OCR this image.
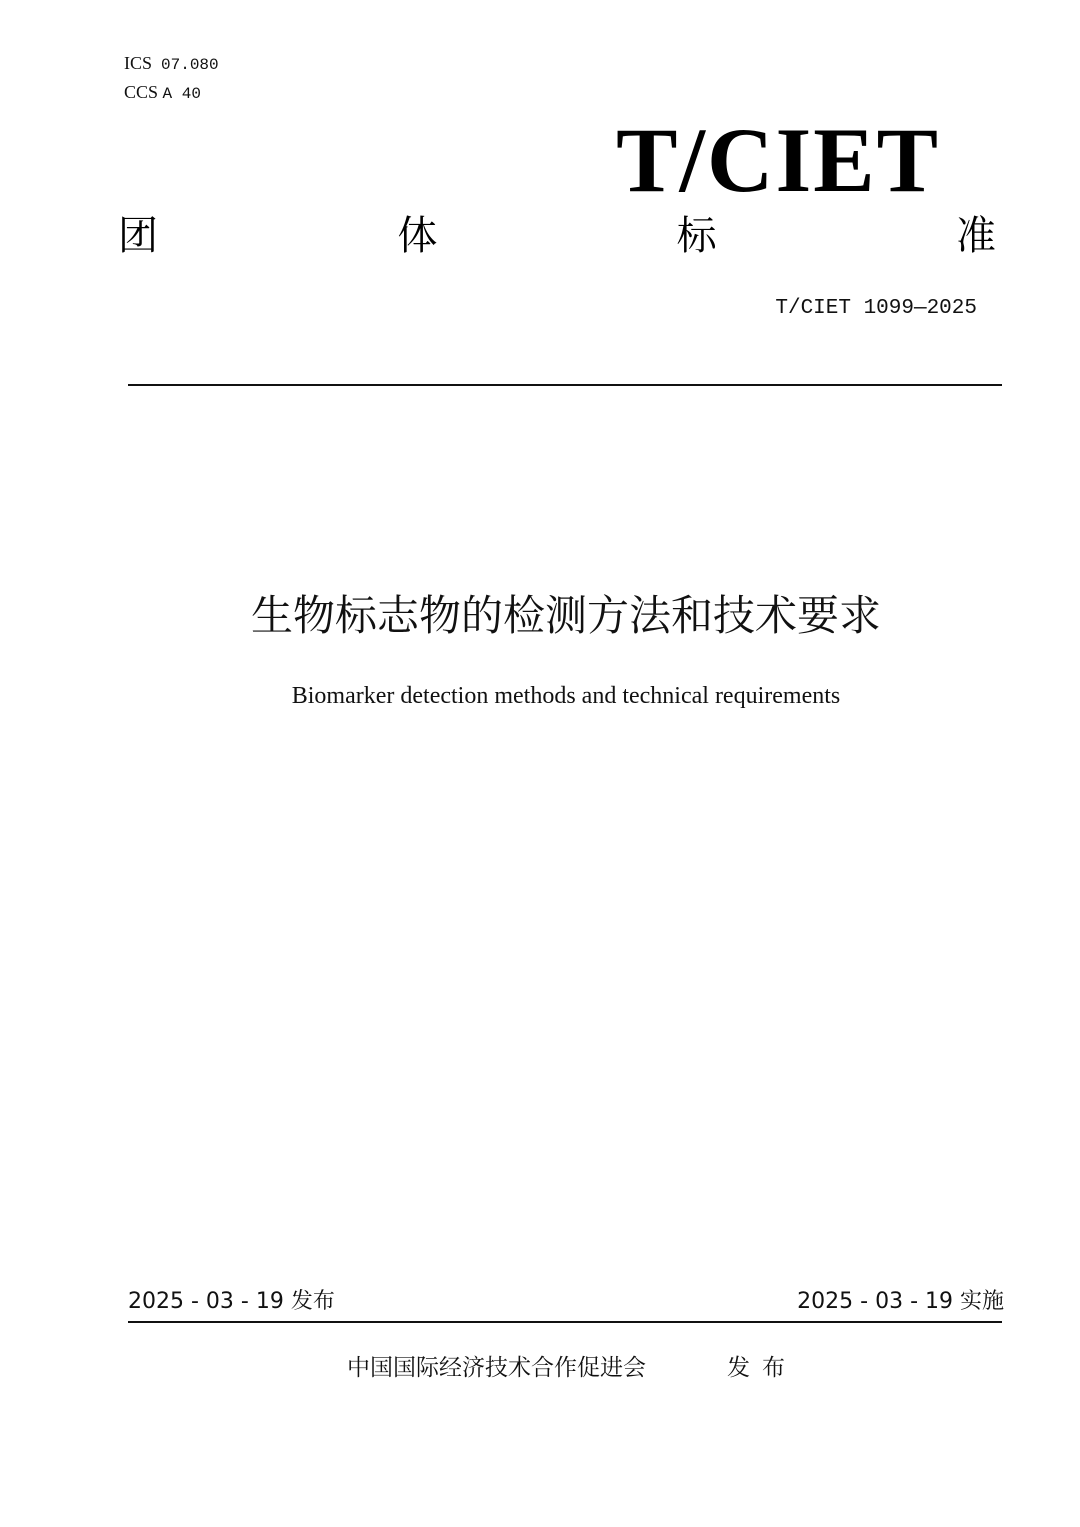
ICS 07.080
CCS A 40
T/CIET
团	体	标	准
T/CIET 1099—2025
生物标志物的检测方法和技术要求
Biomarker detection methods and technical requirements
2025 - 03 - 19 发布	2025 - 03 - 19 实施
中国国际经济技术合作促进会	发布
